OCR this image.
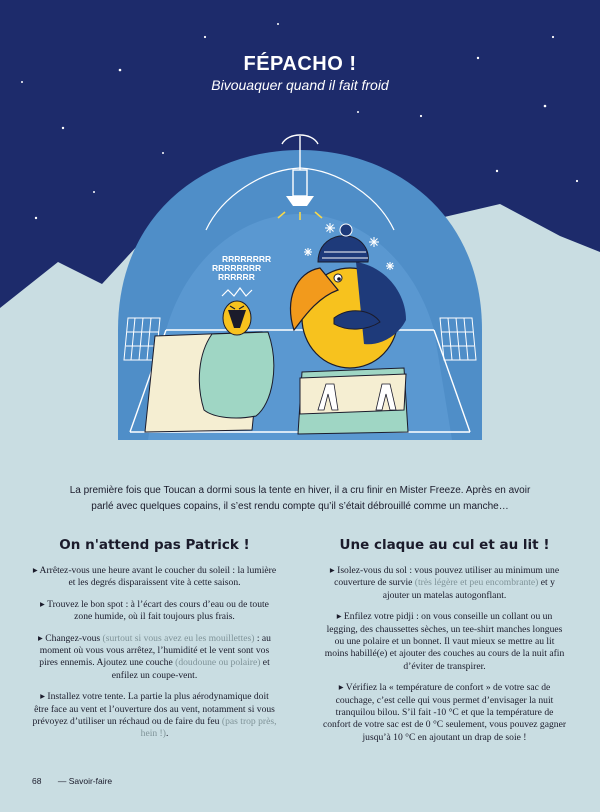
RRRRRRRR
RRRRRRRR
RRRRRR
FÉPACHO !
Bivouaquer quand il fait froid
La première fois que Toucan a dormi sous la tente en hiver, il a cru finir en Mister Freeze. Après en avoir parlé avec quelques copains, il s’est rendu compte qu’il s’était débrouillé comme un manche…
On n'attend pas Patrick !

▸ Arrêtez-vous une heure avant le coucher du soleil : la lumière et les degrés disparaissent vite à cette saison.

▸ Trouvez le bon spot : à l’écart des cours d’eau ou de toute zone humide, où il fait toujours plus frais.

▸ Changez-vous (surtout si vous avez eu les mouillettes) : au moment où vous vous arrêtez, l’humidité et le vent sont vos pires ennemis. Ajoutez une couche (doudoune ou polaire) et enfilez un coupe-vent.

▸ Installez votre tente. La partie la plus aérodynamique doit être face au vent et l’ouverture dos au vent, notamment si vous prévoyez d’utiliser un réchaud ou de faire du feu (pas trop près, hein !).

Une claque au cul et au lit !

▸ Isolez-vous du sol : vous pouvez utiliser au minimum une couverture de survie (très légère et peu encombrante) et y ajouter un matelas autogonflant.

▸ Enfilez votre pidji : on vous conseille un collant ou un legging, des chaussettes sèches, un tee-shirt manches longues ou une polaire et un bonnet. Il vaut mieux se mettre au lit moins habillé(e) et ajouter des couches au cours de la nuit afin d’éviter de transpirer.

▸ Vérifiez la « température de confort » de votre sac de couchage, c’est celle qui vous permet d’envisager la nuit tranquilou bilou. S’il fait -10 °C et que la température de confort de votre sac est de 0 °C seulement, vous pouvez gagner jusqu’à 10 °C en ajoutant un drap de soie !

68 — Savoir-faire
